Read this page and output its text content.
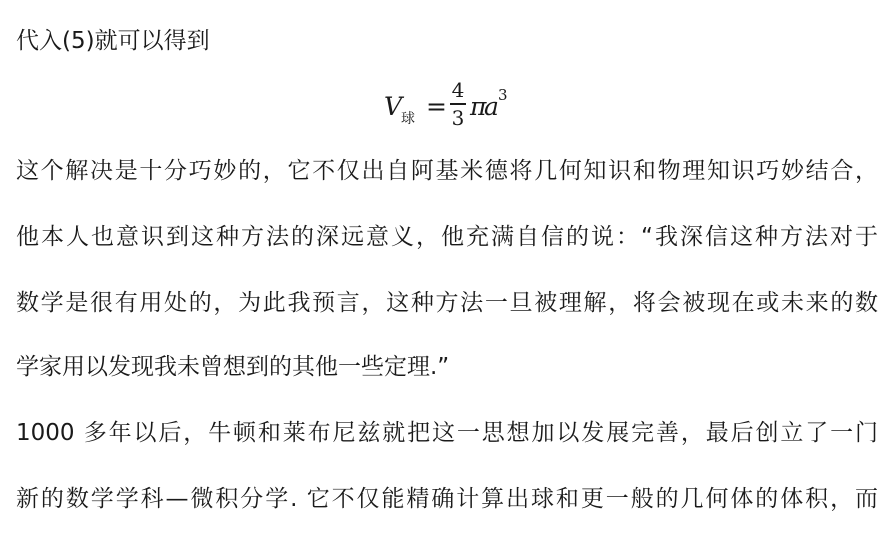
代入(5)就可以得到
V
球 =
4
3 π
a 3
这个解决是十分巧妙的，它不仅出自阿基米德将几何知识和物理知识巧妙结合，
他本人也意识到这种方法的深远意义，他充满自信的说：“我深信这种方法对于
数学是很有用处的，为此我预言，这种方法一旦被理解，将会被现在或未来的数
学家用以发现我未曾想到的其他一些定理.”
1000 多年以后，牛顿和莱布尼兹就把这一思想加以发展完善，最后创立了一门
新的数学学科—微积分学. 它不仅能精确计算出球和更一般的几何体的体积，而
